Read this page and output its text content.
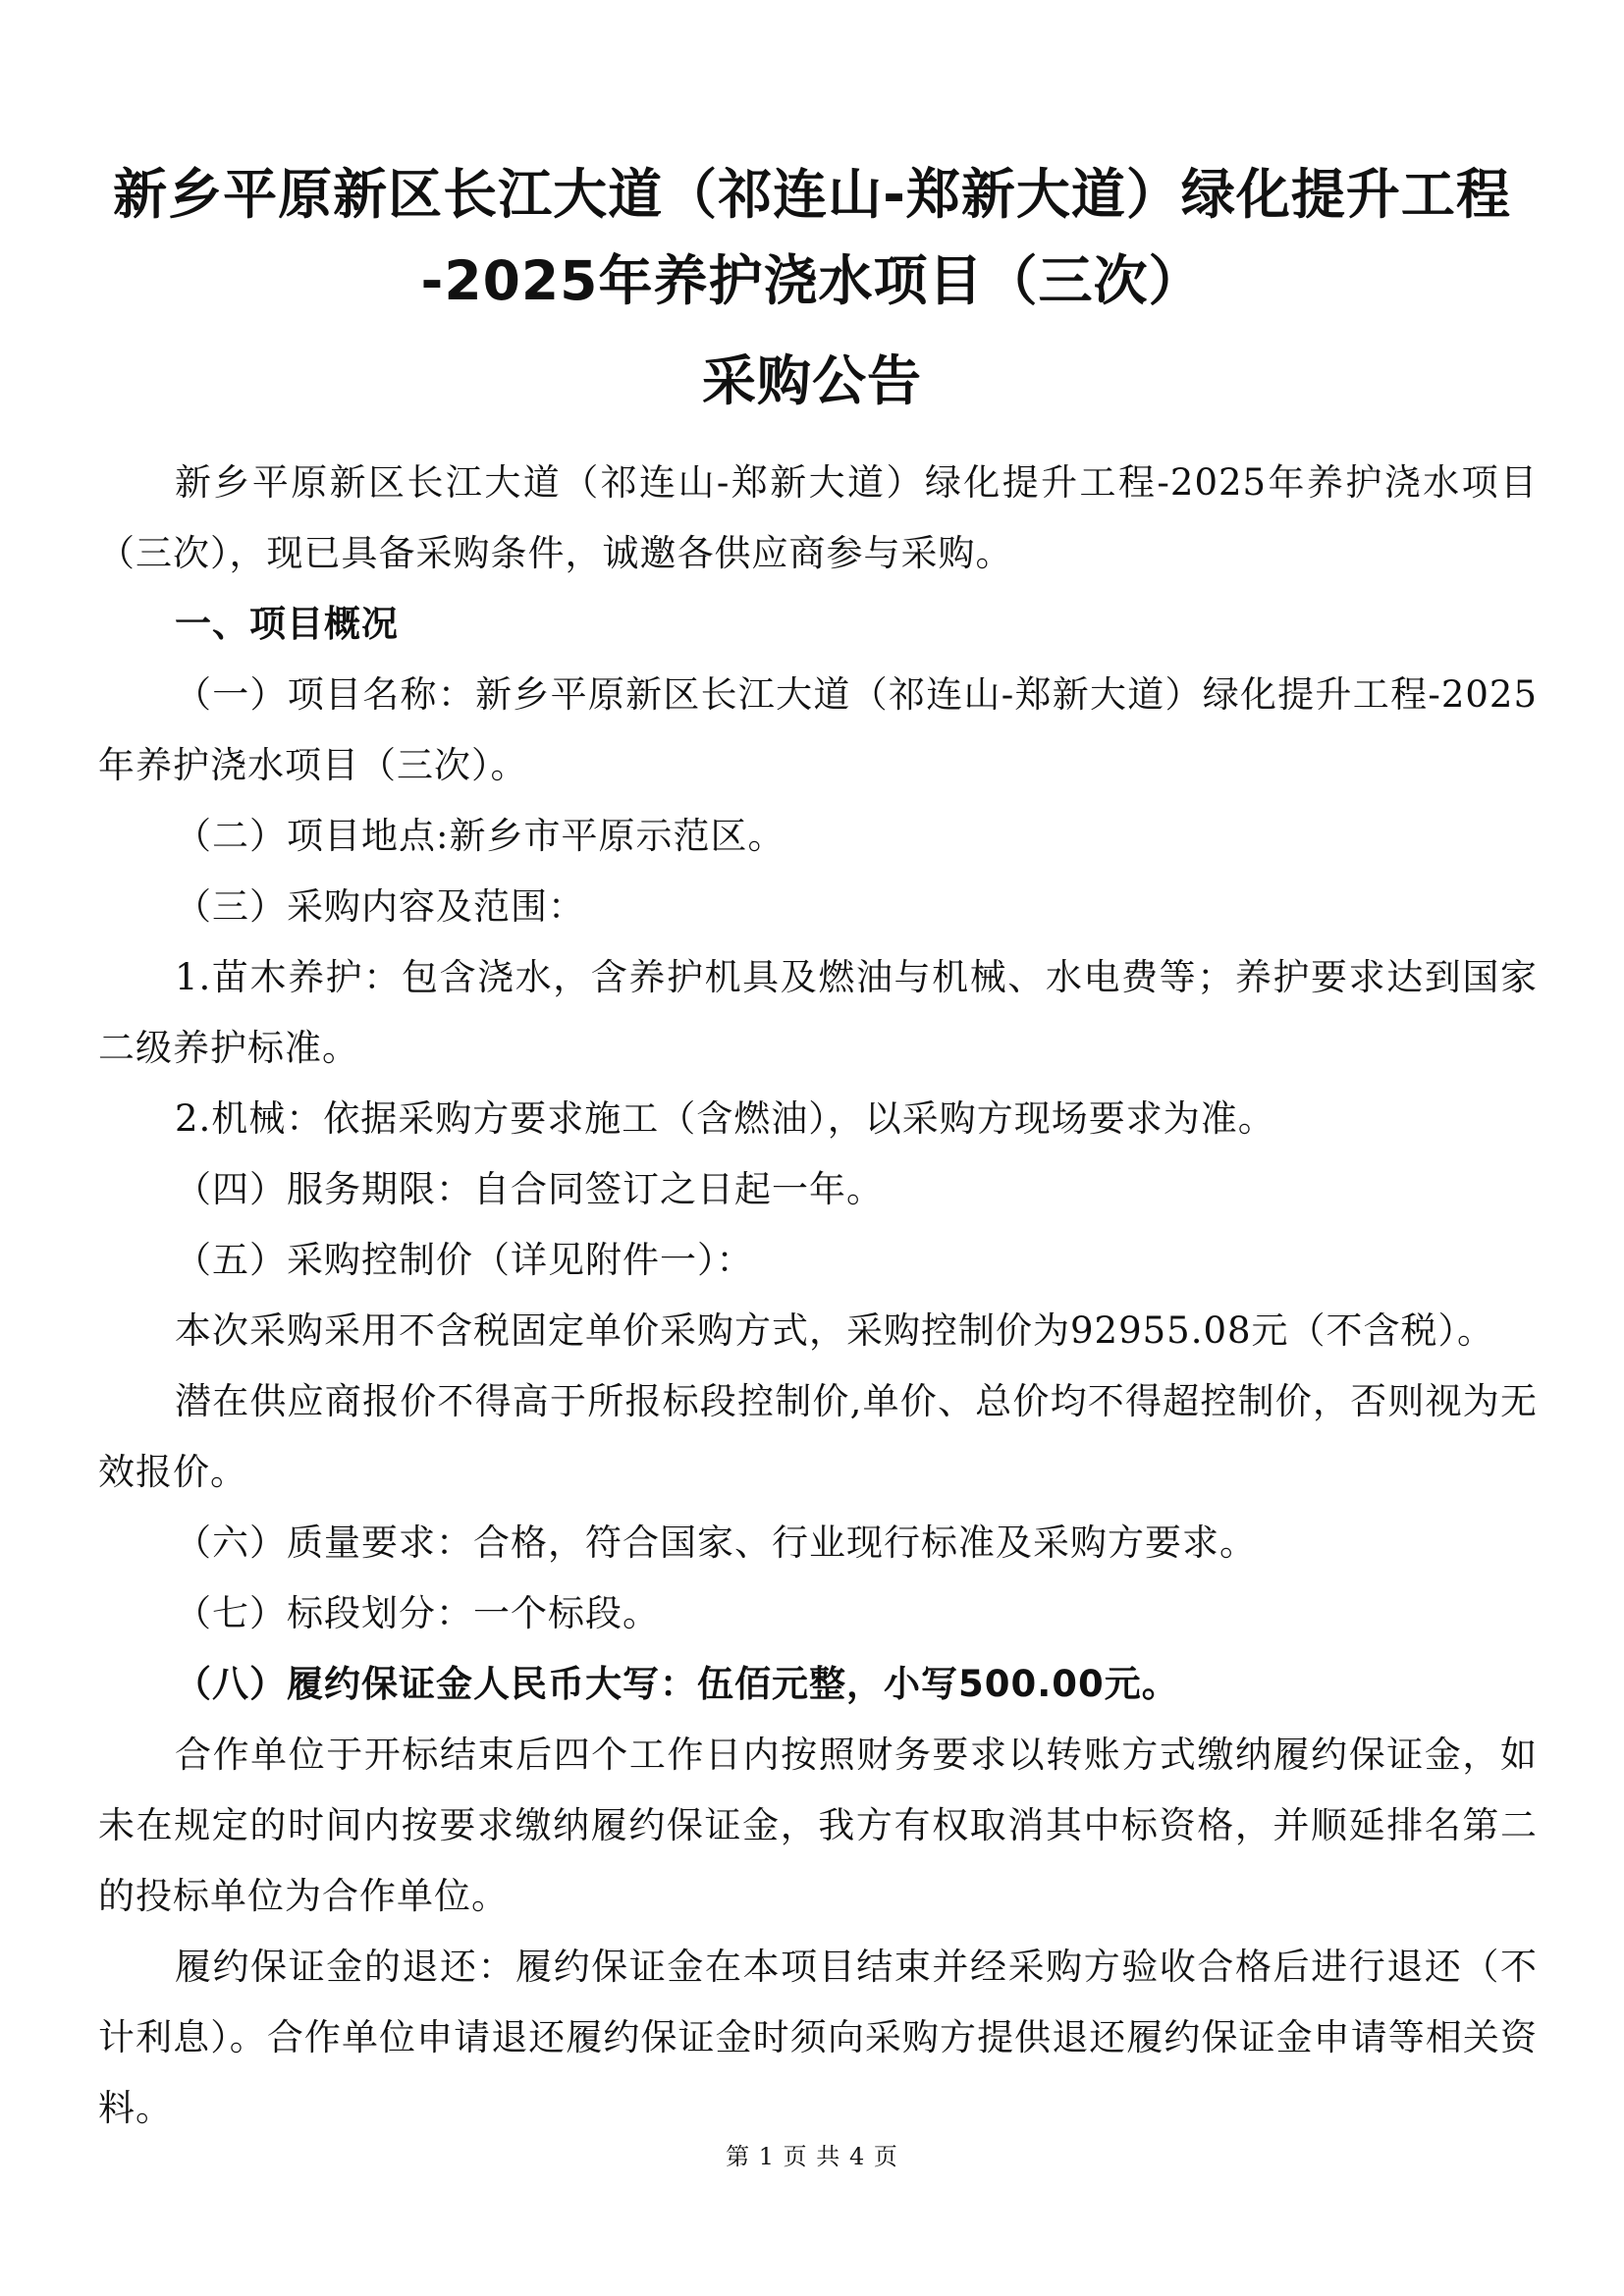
新乡平原新区长江大道（祁连山-郑新大道）绿化提升工程
-2025年养护浇水项目（三次）
采购公告

新乡平原新区长江大道（祁连山-郑新大道）绿化提升工程-2025年养护浇水项目（三次），现已具备采购条件，诚邀各供应商参与采购。

一、项目概况

（一）项目名称：新乡平原新区长江大道（祁连山-郑新大道）绿化提升工程-2025年养护浇水项目（三次）。

（二）项目地点:新乡市平原示范区。

（三）采购内容及范围：

1.苗木养护：包含浇水，含养护机具及燃油与机械、水电费等；养护要求达到国家二级养护标准。

2.机械：依据采购方要求施工（含燃油），以采购方现场要求为准。

（四）服务期限：自合同签订之日起一年。

（五）采购控制价（详见附件一）：

本次采购采用不含税固定单价采购方式，采购控制价为92955.08元（不含税）。

潜在供应商报价不得高于所报标段控制价,单价、总价均不得超控制价，否则视为无效报价。

（六）质量要求：合格，符合国家、行业现行标准及采购方要求。

（七）标段划分：一个标段。

（八）履约保证金人民币大写：伍佰元整，小写500.00元。

合作单位于开标结束后四个工作日内按照财务要求以转账方式缴纳履约保证金，如未在规定的时间内按要求缴纳履约保证金，我方有权取消其中标资格，并顺延排名第二的投标单位为合作单位。

履约保证金的退还：履约保证金在本项目结束并经采购方验收合格后进行退还（不计利息）。合作单位申请退还履约保证金时须向采购方提供退还履约保证金申请等相关资料。

第 1 页 共 4 页
